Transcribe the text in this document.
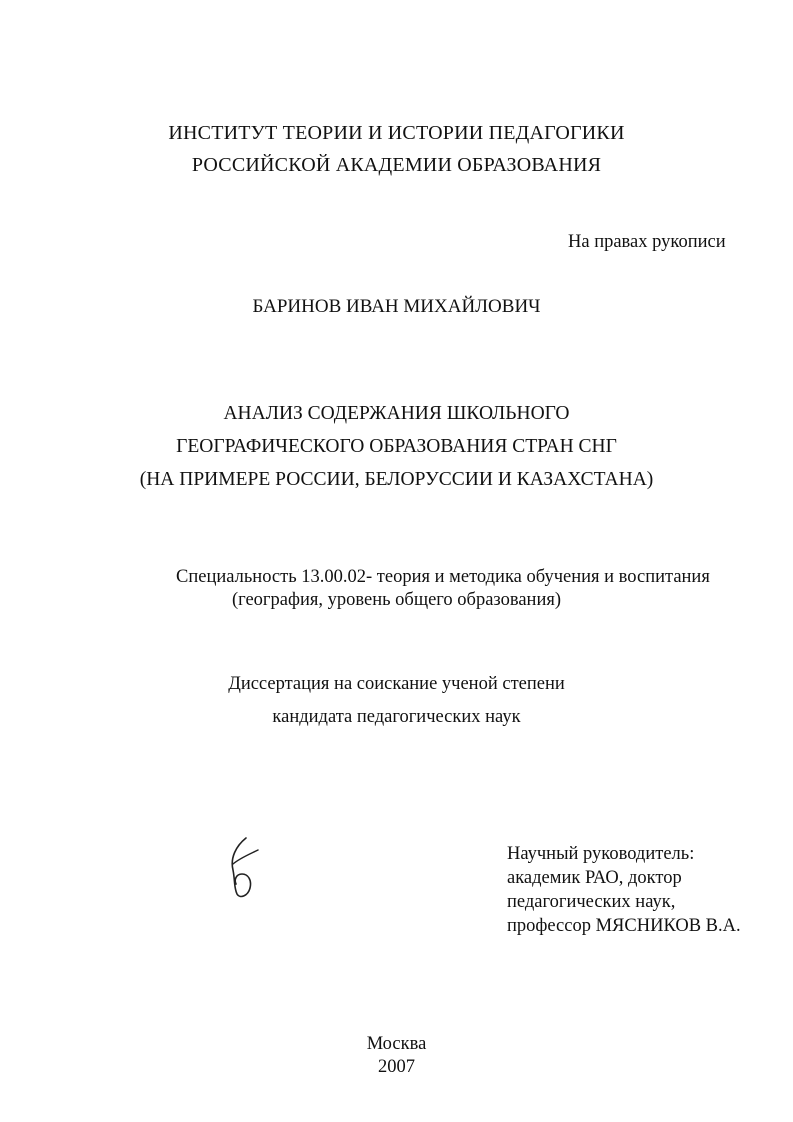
ИНСТИТУТ ТЕОРИИ И ИСТОРИИ ПЕДАГОГИКИ
РОССИЙСКОЙ АКАДЕМИИ ОБРАЗОВАНИЯ
На правах рукописи
БАРИНОВ ИВАН МИХАЙЛОВИЧ
АНАЛИЗ СОДЕРЖАНИЯ ШКОЛЬНОГО
ГЕОГРАФИЧЕСКОГО ОБРАЗОВАНИЯ СТРАН СНГ
(НА ПРИМЕРЕ РОССИИ, БЕЛОРУССИИ И КАЗАХСТАНА)
Специальность 13.00.02- теория и методика обучения и воспитания
(география, уровень общего образования)
Диссертация на соискание ученой степени
кандидата педагогических наук
Научный руководитель:
академик РАО, доктор
педагогических наук,
профессор МЯСНИКОВ В.А.
Москва
2007
